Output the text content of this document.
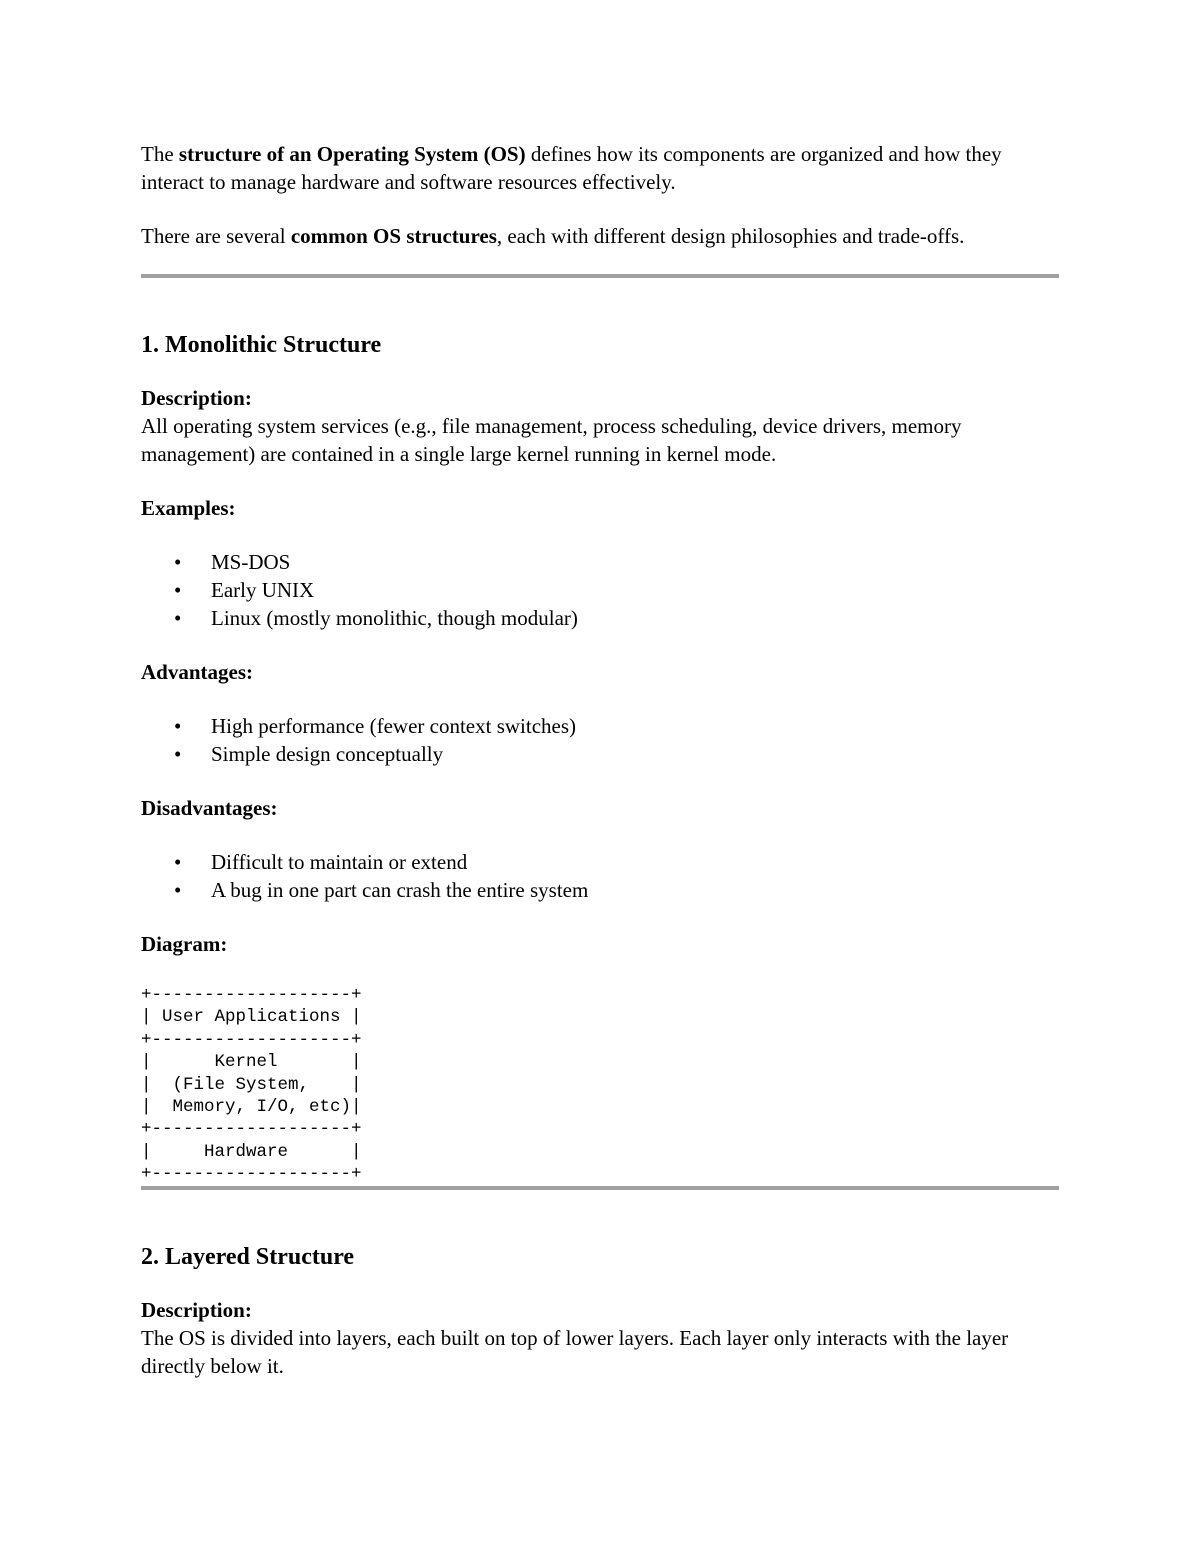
The structure of an Operating System (OS) defines how its components are organized and how they interact to manage hardware and software resources effectively.

There are several common OS structures, each with different design philosophies and trade-offs.

1. Monolithic Structure
Description:

All operating system services (e.g., file management, process scheduling, device drivers, memory management) are contained in a single large kernel running in kernel mode.

Examples:
• MS-DOS
• Early UNIX
• Linux (mostly monolithic, though modular)
Advantages:
• High performance (fewer context switches)
• Simple design conceptually
Disadvantages:
• Difficult to maintain or extend
• A bug in one part can crash the entire system
Diagram:
+-------------------+
| User Applications |
+-------------------+
|      Kernel       |
|  (File System,    |
|  Memory, I/O, etc)|
+-------------------+
|     Hardware      |
+-------------------+
2. Layered Structure
Description:

The OS is divided into layers, each built on top of lower layers. Each layer only interacts with the layer directly below it.
